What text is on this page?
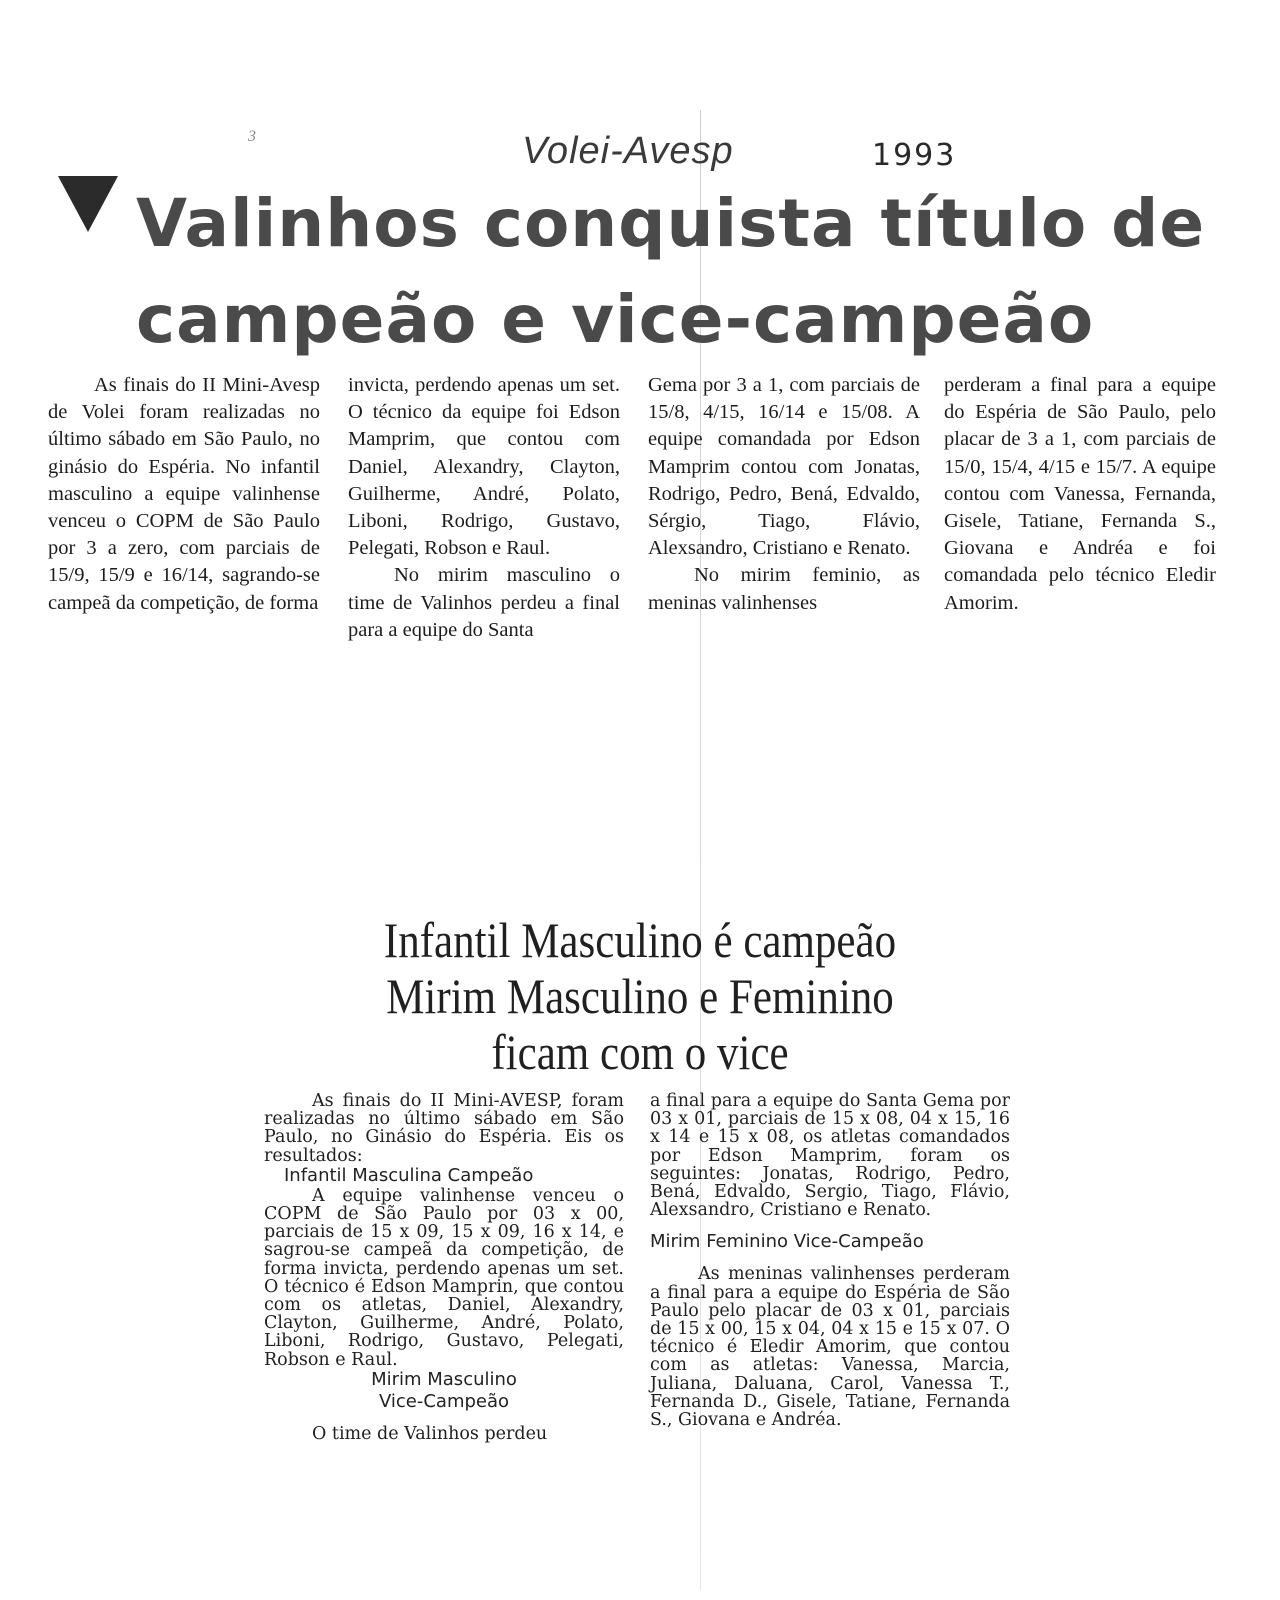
3	Volei-Avesp	1993
Valinhos conquista título de campeão e vice-campeão

As finais do II Mini-Avesp de Volei foram realizadas no último sábado em São Paulo, no ginásio do Espéria. No infantil masculino a equipe valinhense venceu o COPM de São Paulo por 3 a zero, com parciais de 15/9, 15/9 e 16/14, sagrando-se campeã da competição, de forma

invicta, perdendo apenas um set. O técnico da equipe foi Edson Mamprim, que contou com Daniel, Alexandry, Clayton, Guilherme, André, Polato, Liboni, Rodrigo, Gustavo, Pelegati, Robson e Raul.

No mirim masculino o time de Valinhos perdeu a final para a equipe do Santa

Gema por 3 a 1, com parciais de 15/8, 4/15, 16/14 e 15/08. A equipe comandada por Edson Mamprim contou com Jonatas, Rodrigo, Pedro, Bená, Edvaldo, Sérgio, Tiago, Flávio, Alexsandro, Cristiano e Renato.

No mirim feminio, as meninas valinhenses

perderam a final para a equipe do Espéria de São Paulo, pelo placar de 3 a 1, com parciais de 15/0, 15/4, 4/15 e 15/7. A equipe contou com Vanessa, Fernanda, Gisele, Tatiane, Fernanda S., Giovana e Andréa e foi comandada pelo técnico Eledir Amorim.

Infantil Masculino é campeão
Mirim Masculino e Feminino
ficam com o vice

As finais do II Mini-AVESP, foram realizadas no último sábado em São Paulo, no Ginásio do Espéria. Eis os resultados:

Infantil Masculina Campeão

A equipe valinhense venceu o COPM de São Paulo por 03 x 00, parciais de 15 x 09, 15 x 09, 16 x 14, e sagrou-se campeã da competição, de forma invicta, perdendo apenas um set. O técnico é Edson Mamprin, que contou com os atletas, Daniel, Alexandry, Clayton, Guilherme, André, Polato, Liboni, Rodrigo, Gustavo, Pelegati, Robson e Raul.

Mirim Masculino
Vice-Campeão

O time de Valinhos perdeu

a final para a equipe do Santa Gema por 03 x 01, parciais de 15 x 08, 04 x 15, 16 x 14 e 15 x 08, os atletas comandados por Edson Mamprim, foram os seguintes: Jonatas, Rodrigo, Pedro, Bená, Edvaldo, Sergio, Tiago, Flávio, Alexsandro, Cristiano e Renato.

Mirim Feminino Vice-Campeão

As meninas valinhenses perderam a final para a equipe do Espéria de São Paulo pelo placar de 03 x 01, parciais de 15 x 00, 15 x 04, 04 x 15 e 15 x 07. O técnico é Eledir Amorim, que contou com as atletas: Vanessa, Marcia, Juliana, Daluana, Carol, Vanessa T., Fernanda D., Gisele, Tatiane, Fernanda S., Giovana e Andréa.
